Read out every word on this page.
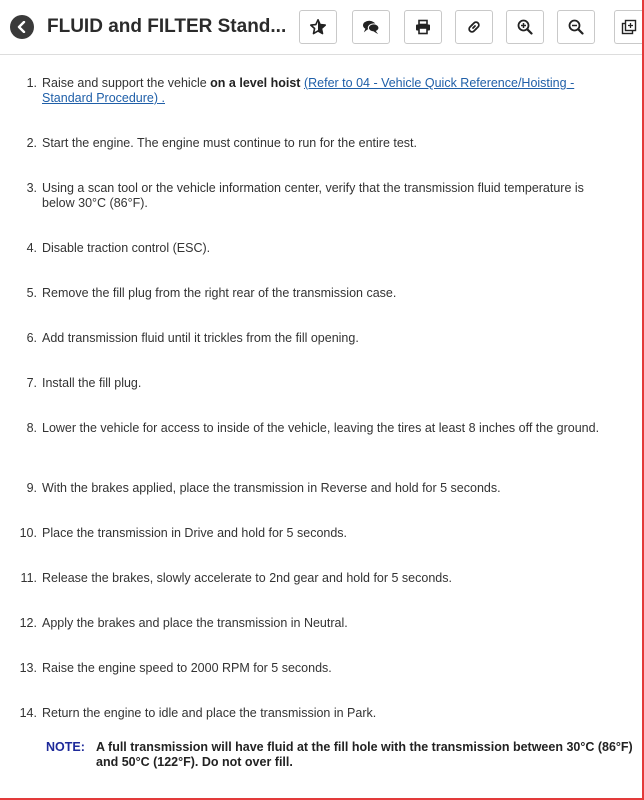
FLUID and FILTER Stand...
1. Raise and support the vehicle on a level hoist (Refer to 04 - Vehicle Quick Reference/Hoisting - Standard Procedure) .
2. Start the engine. The engine must continue to run for the entire test.
3. Using a scan tool or the vehicle information center, verify that the transmission fluid temperature is below 30°C (86°F).
4. Disable traction control (ESC).
5. Remove the fill plug from the right rear of the transmission case.
6. Add transmission fluid until it trickles from the fill opening.
7. Install the fill plug.
8. Lower the vehicle for access to inside of the vehicle, leaving the tires at least 8 inches off the ground.
9. With the brakes applied, place the transmission in Reverse and hold for 5 seconds.
10. Place the transmission in Drive and hold for 5 seconds.
11. Release the brakes, slowly accelerate to 2nd gear and hold for 5 seconds.
12. Apply the brakes and place the transmission in Neutral.
13. Raise the engine speed to 2000 RPM for 5 seconds.
14. Return the engine to idle and place the transmission in Park.
NOTE: A full transmission will have fluid at the fill hole with the transmission between 30°C (86°F) and 50°C (122°F). Do not over fill.
